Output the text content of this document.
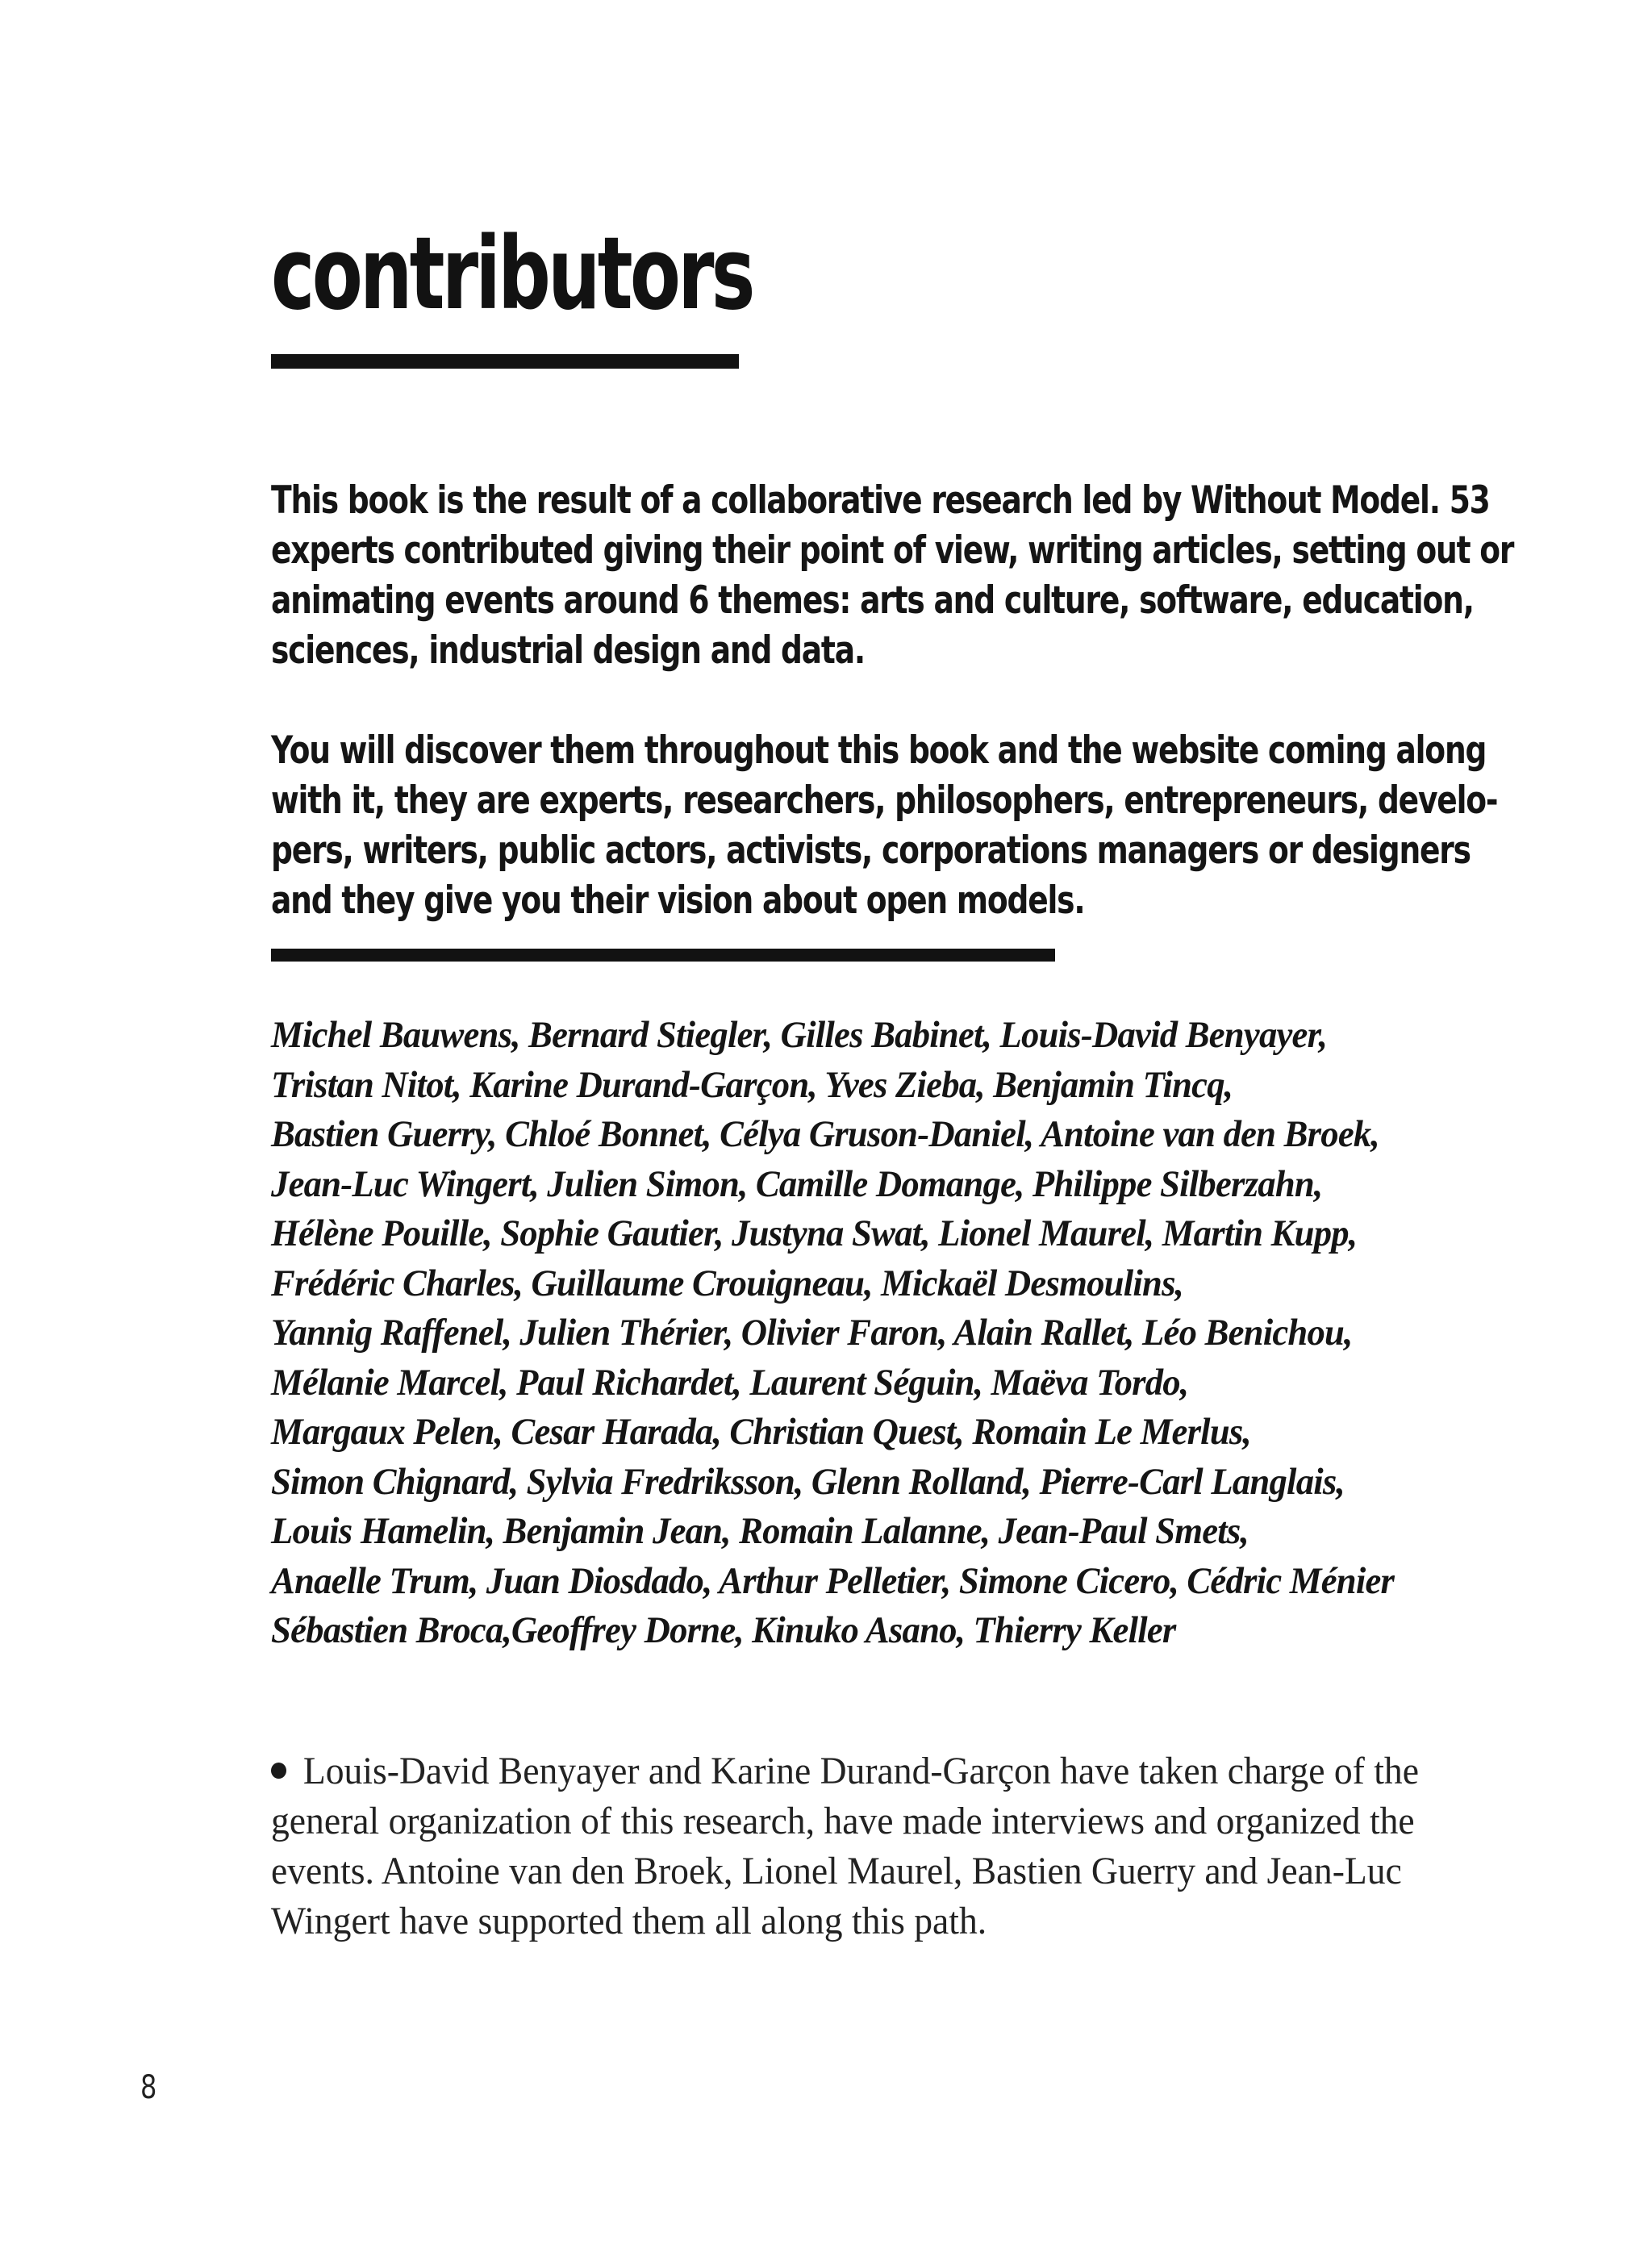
contributors

This book is the result of a collaborative research led by Without Model. 53
experts contributed giving their point of view, writing articles, setting out or
animating events around 6 themes: arts and culture, software, education,
sciences, industrial design and data.

You will discover them throughout this book and the website coming along
with it, they are experts, researchers, philosophers, entrepreneurs, develo-
pers, writers, public actors, activists, corporations managers or designers
and they give you their vision about open models.

Michel Bauwens, Bernard Stiegler, Gilles Babinet, Louis-David Benyayer,
Tristan Nitot, Karine Durand-Garçon, Yves Zieba, Benjamin Tincq,
Bastien Guerry, Chloé Bonnet, Célya Gruson-Daniel, Antoine van den Broek,
Jean-Luc Wingert, Julien Simon, Camille Domange, Philippe Silberzahn,
Hélène Pouille, Sophie Gautier, Justyna Swat, Lionel Maurel, Martin Kupp,
Frédéric Charles, Guillaume Crouigneau, Mickaël Desmoulins,
Yannig Raffenel, Julien Thérier, Olivier Faron, Alain Rallet, Léo Benichou,
Mélanie Marcel, Paul Richardet, Laurent Séguin, Maëva Tordo,
Margaux Pelen, Cesar Harada, Christian Quest, Romain Le Merlus,
Simon Chignard, Sylvia Fredriksson, Glenn Rolland, Pierre-Carl Langlais,
Louis Hamelin, Benjamin Jean, Romain Lalanne, Jean-Paul Smets,
Anaelle Trum, Juan Diosdado, Arthur Pelletier, Simone Cicero, Cédric Ménier
Sébastien Broca,Geoffrey Dorne, Kinuko Asano, Thierry Keller
Louis-David Benyayer and Karine Durand-Garçon have taken charge of the
general organization of this research, have made interviews and organized the
events. Antoine van den Broek, Lionel Maurel, Bastien Guerry and Jean-Luc
Wingert have supported them all along this path.
8
